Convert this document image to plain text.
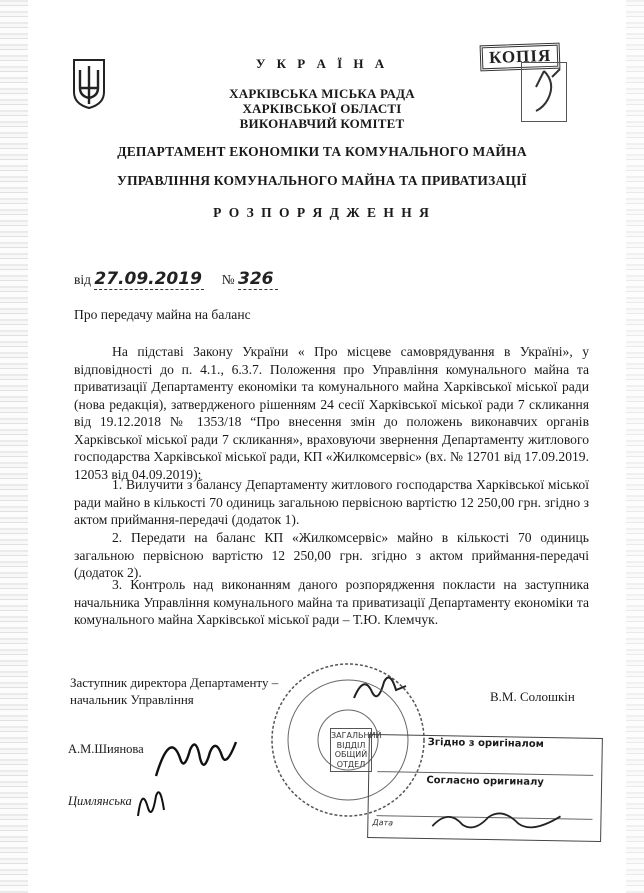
У К Р А Ї Н А
ХАРКІВСЬКА МІСЬКА РАДА
ХАРКІВСЬКОЇ ОБЛАСТІ
ВИКОНАВЧИЙ КОМІТЕТ
КОПІЯ
ДЕПАРТАМЕНТ ЕКОНОМІКИ ТА КОМУНАЛЬНОГО МАЙНА
УПРАВЛІННЯ КОМУНАЛЬНОГО МАЙНА ТА ПРИВАТИЗАЦІЇ
Р О З П О Р Я Д Ж Е Н Н Я
від 27.09.2019 № 326
Про передачу майна на баланс
На підставі Закону України « Про місцеве самоврядування в Україні», у відповідності до п. 4.1., 6.3.7. Положення про Управління комунального майна та приватизації Департаменту економіки та комунального майна Харківської міської ради (нова редакція), затвердженого рішенням 24 сесії Харківської міської ради 7 скликання від 19.12.2018 № 1353/18 “Про внесення змін до положень виконавчих органів Харківської міської ради 7 скликання», враховуючи звернення Департаменту житлового господарства Харківської міської ради, КП «Жилкомсервіс» (вх. № 12701 від 17.09.2019. 12053 від 04.09.2019):
1. Вилучити з балансу Департаменту житлового господарства Харківської міської ради майно в кількості 70 одиниць загальною первісною вартістю 12 250,00 грн. згідно з актом приймання-передачі (додаток 1).
2. Передати на баланс КП «Жилкомсервіс» майно в кількості 70 одиниць загальною первісною вартістю 12 250,00 грн. згідно з актом приймання-передачі (додаток 2).
3. Контроль над виконанням даного розпорядження покласти на заступника начальника Управління комунального майна та приватизації Департаменту економіки та комунального майна Харківської міської ради – Т.Ю. Клемчук.
Заступник директора Департаменту –
начальник Управління	В.М. Солошкін
А.М.Шиянова
Цимлянська
ЗАГАЛЬНИЙ
ВІДДІЛ
ОБЩИЙ ОТДЕЛ
Згідно з оригіналом
Согласно оригиналу
Дата
